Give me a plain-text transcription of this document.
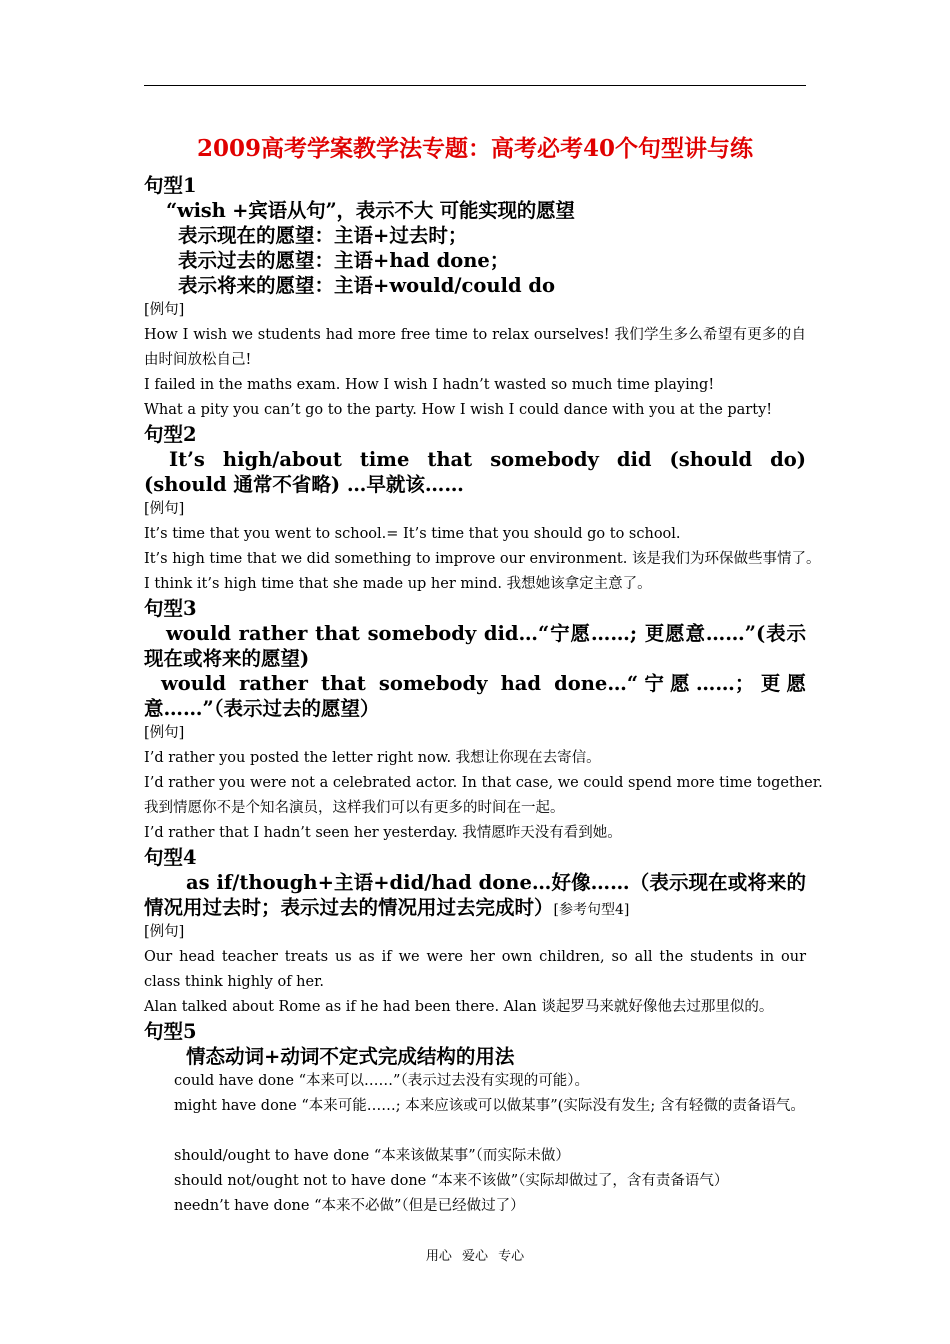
2009高考学案教学法专题：高考必考40个句型讲与练
句型1
“wish +宾语从句”，表示不大 可能实现的愿望
表示现在的愿望：主语+过去时；
表示过去的愿望：主语+had done；
表示将来的愿望：主语+would/could do
[例句]
How I wish we students had more free time to relax ourselves! 我们学生多么希望有更多的自由时间放松自己!
I failed in the maths exam. How I wish I hadn’t wasted so much time playing!
What a pity you can’t go to the party. How I wish I could dance with you at the party!
句型2
It’s high/about time that somebody did (should do) (should 通常不省略) …早就该……
[例句]
It’s time that you went to school.= It’s time that you should go to school.
It’s high time that we did something to improve our environment. 该是我们为环保做些事情了。
I think it’s high time that she made up her mind. 我想她该拿定主意了。
句型3
would rather that somebody did…“宁愿……; 更愿意……”(表示现在或将来的愿望)
would rather that somebody had done…“宁愿……；更愿意……”（表示过去的愿望）
[例句]
I’d rather you posted the letter right now. 我想让你现在去寄信。
I’d rather you were not a celebrated actor. In that case, we could spend more time together.
我到情愿你不是个知名演员，这样我们可以有更多的时间在一起。
I’d rather that I hadn’t seen her yesterday. 我情愿昨天没有看到她。
句型4
as if/though+主语+did/had done…好像……（表示现在或将来的情况用过去时；表示过去的情况用过去完成时）[参考句型4]
[例句]
Our head teacher treats us as if we were her own children, so all the students in our class think highly of her.
Alan talked about Rome as if he had been there. Alan 谈起罗马来就好像他去过那里似的。
句型5
情态动词+动词不定式完成结构的用法
could have done “本来可以……”（表示过去没有实现的可能）。
might have done “本来可能……; 本来应该或可以做某事”(实际没有发生; 含有轻微的责备语气。
should/ought to have done “本来该做某事”（而实际未做）
should not/ought not to have done “本来不该做”（实际却做过了，含有责备语气）
needn’t have done “本来不必做”（但是已经做过了）
用心 爱心 专心
